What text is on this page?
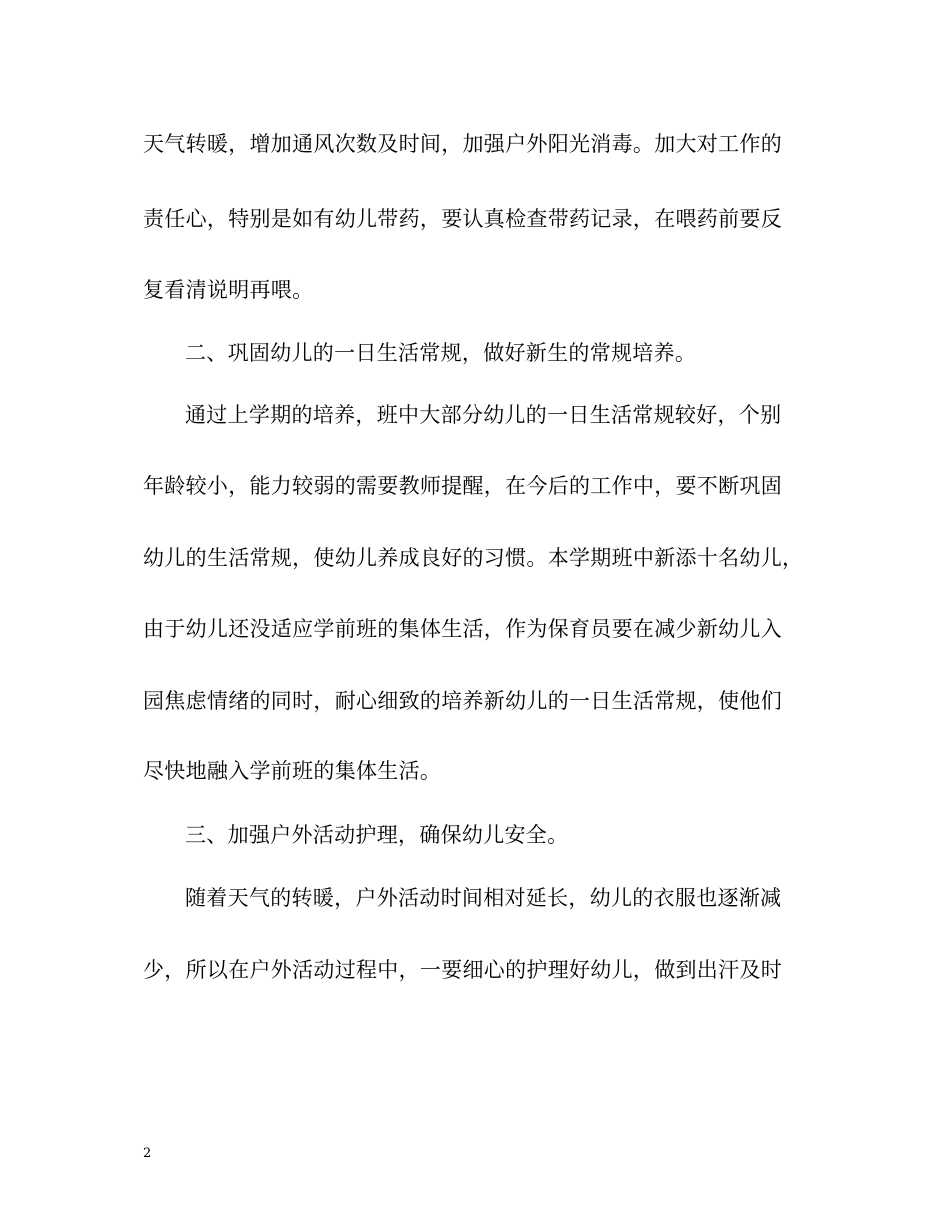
天气转暖，增加通风次数及时间，加强户外阳光消毒。加大对工作的
责任心，特别是如有幼儿带药，要认真检查带药记录，在喂药前要反
复看清说明再喂。
二、巩固幼儿的一日生活常规，做好新生的常规培养。
通过上学期的培养，班中大部分幼儿的一日生活常规较好，个别
年龄较小，能力较弱的需要教师提醒，在今后的工作中，要不断巩固
幼儿的生活常规，使幼儿养成良好的习惯。本学期班中新添十名幼儿，
由于幼儿还没适应学前班的集体生活，作为保育员要在减少新幼儿入
园焦虑情绪的同时，耐心细致的培养新幼儿的一日生活常规，使他们
尽快地融入学前班的集体生活。
三、加强户外活动护理，确保幼儿安全。
随着天气的转暖，户外活动时间相对延长，幼儿的衣服也逐渐减
少，所以在户外活动过程中，一要细心的护理好幼儿，做到出汗及时
2
